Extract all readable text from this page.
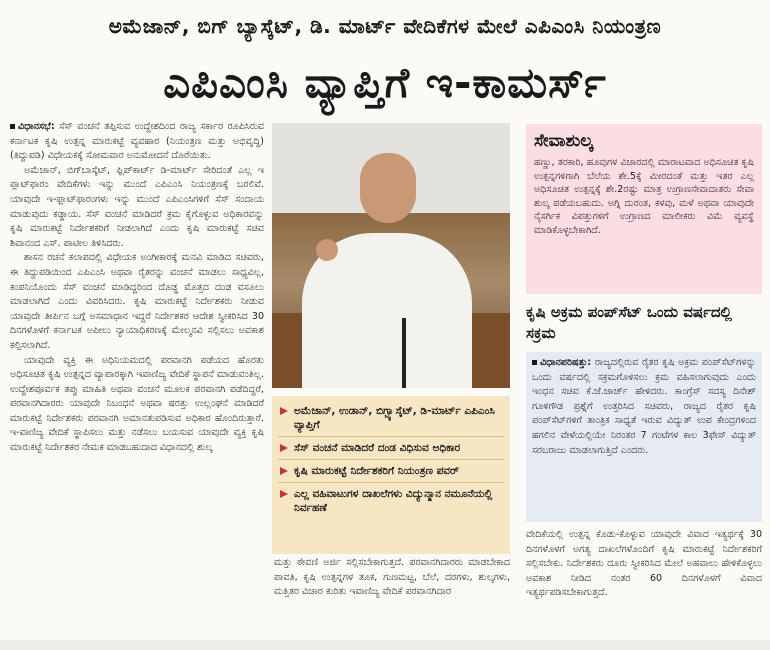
ಅಮೆಜಾನ್, ಬಿಗ್ ಬ್ಯಾಸ್ಕೆಟ್, ಡಿ. ಮಾರ್ಟ್ ವೇದಿಕೆಗಳ ಮೇಲೆ ಎಪಿಎಂಸಿ ನಿಯಂತ್ರಣ
ಎಪಿಎಂಸಿ ವ್ಯಾಪ್ತಿಗೆ ಇ-ಕಾಮರ್ಸ್

ವಿಧಾನಸಭೆ: ಸೆಸ್ ವಂಚನೆ ತಪ್ಪಿಸುವ ಉದ್ದೇಶದಿಂದ ರಾಜ್ಯ ಸರ್ಕಾರ ರೂಪಿಸಿರುವ ಕರ್ನಾಟಕ ಕೃಷಿ ಉತ್ಪನ್ನ ಮಾರುಕಟ್ಟೆ ವ್ಯವಹಾರ (ನಿಯಂತ್ರಣ ಮತ್ತು ಅಭಿವೃದ್ಧಿ) (ತಿದ್ದುಪಡಿ) ವಿಧೇಯಕಕ್ಕೆ ಸೋಮವಾರ ಅನುಮೋದನೆ ದೊರೆಯಿತು.

ಅಮೆಜಾನ್, ಬಿಗ್‌ಬಾಸ್ಕೆಟ್, ಫ್ಲಿಪ್‌ಕಾರ್ಟ್ ಡಿ-ಮಾರ್ಟ್ ಸೇರಿದಂತೆ ಎಲ್ಲ ಇ ಪ್ಲಾಟ್‌ಫಾರಂ ವೇದಿಕೆಗಳು ಇನ್ನು ಮುಂದೆ ಎಪಿಎಂಸಿ ನಿಯಂತ್ರಣಕ್ಕೆ ಬರಲಿವೆ. ಯಾವುದೇ ಇ-ಫ್ಲಾಟ್‌ಫಾರಂಗಳು ಇನ್ನು ಮುಂದೆ ಎಪಿಎಂಸಿಗಳಿಗೆ ಸೆಸ್ ಸಂದಾಯ ಮಾಡುವುದು ಕಡ್ಡಾಯ. ಸೆಸ್ ವಂಚನೆ ಮಾಡಿದರೆ ಕ್ರಮ ಕೈಗೊಳ್ಳುವ ಅಧಿಕಾರವನ್ನು ಕೃಷಿ ಮಾರುಕಟ್ಟೆ ನಿರ್ದೇಶಕರಿಗೆ ನೀಡಲಾಗಿದೆ ಎಂದು ಕೃಷಿ ಮಾರುಕಟ್ಟೆ ಸಚಿವ ಶಿವಾನಂದ ಎಸ್. ಪಾಟೀಲ ತಿಳಿಸಿದರು.

ಶಾಸನ ರಚನೆ ಕಲಾಪದಲ್ಲಿ ವಿಧೇಯಕ ಅಂಗೀಕಾರಕ್ಕೆ ಮನವಿ ಮಾಡಿದ ಸಚಿವರು, ಈ ತಿದ್ದುಪಡಿಯಿಂದ ಎಪಿಎಂಸಿ ಅಥವಾ ರೈತರನ್ನು ವಂಚನೆ ಮಾಡಲು ಸಾಧ್ಯವಿಲ್ಲ, ಕಂಪನಿಯೊಂದು ಸೆಸ್ ವಂಚನೆ ಮಾಡಿದ್ದರಿಂದ ದೊಡ್ಡ ಮೊತ್ತದ ದಂಡ ವಸೂಲು ಮಾಡಲಾಗಿದೆ ಎಂದು ವಿವರಿಸಿದರು. ಕೃಷಿ ಮಾರುಕಟ್ಟೆ ನಿರ್ದೇಶಕರು ನೀಡುವ ಯಾವುದೇ ತೀರ್ಪಿನ ಬಗ್ಗೆ ಅಸಮಾಧಾನ ಇದ್ದರೆ ನಿರ್ದೇಶಕರ ಆದೇಶ ಸ್ವೀಕರಿಸಿದ 30 ದಿನಗಳೊಳಗೆ ಕರ್ನಾಟಕ ಅಪೀಲು ನ್ಯಾಯಾಧಿಕರಣಕ್ಕೆ ಮೇಲ್ಮನವಿ ಸಲ್ಲಿಸಲು ಅವಕಾಶ ಕಲ್ಪಿಸಲಾಗಿದೆ.

ಯಾವುದೇ ವ್ಯಕ್ತಿ ಈ ಅಧಿನಿಯಮದಲ್ಲಿ ಪರವಾನಗಿ ಪಡೆಯದ ಹೊರತು ಅಧಿಸೂಚಿತ ಕೃಷಿ ಉತ್ಪನ್ನದ ವ್ಯಾಪಾರಕ್ಕಾಗಿ ಇವಾಣಿಜ್ಯ ವೇದಿಕೆ ಸ್ಥಾಪನೆ ಮಾಡುವಂತಿಲ್ಲ. ಉದ್ದೇಶಪೂರ್ವಕ ತಪ್ಪು ಮಾಹಿತಿ ಅಥವಾ ವಂಚನೆ ಮೂಲಕ ಪರವಾನಗಿ ಪಡೆದಿದ್ದರೆ, ಪರವಾನಗಿದಾರರು ಯಾವುದೇ ನಿಬಂಧನೆ ಅಥವಾ ಷರತ್ತು ಉಲ್ಲಂಘನೆ ಮಾಡಿದರೆ ಮಾರುಕಟ್ಟೆ ನಿರ್ದೇಶಕರು ಪರವಾನಗಿ ಅಮಾನತುಪಡಿಸುವ ಅಧಿಕಾರ ಹೊಂದಿರುತ್ತಾರೆ. ಇ-ವಾಣಿಜ್ಯ ವೇದಿಕೆ ಸ್ಥಾಪಿಸಲು ಮತ್ತು ನಡೆಸಲು ಬಯಸುವ ಯಾವುದೇ ವ್ಯಕ್ತಿ ಕೃಷಿ ಮಾರುಕಟ್ಟೆ ನಿರ್ದೇಶಕರ ನೇಮಕ ಮಾಡಬಹುದಾದ ವಿಧಾನದಲ್ಲಿ ಶುಲ್ಕ

ಅಮೆಜಾನ್, ಉಡಾನ್, ಬಿಗ್ಬ್ಯಾಸ್ಕೆಟ್, ಡಿ-ಮಾರ್ಟ್ ಎಪಿಎಂಸಿ ವ್ಯಾಪ್ತಿಗೆ
ಸೆಸ್ ವಂಚನೆ ಮಾಡಿದರೆ ದಂಡ ವಿಧಿಸುವ ಅಧಿಕಾರ
ಕೃಷಿ ಮಾರುಕಟ್ಟೆ ನಿರ್ದೇಶಕರಿಗೆ ನಿಯಂತ್ರಣ ಪವರ್
ಎಲ್ಲ ವಹಿವಾಟುಗಳ ದಾಖಲೆಗಳು ವಿದ್ಯುನ್ಮಾನ ನಮೂನೆಯಲ್ಲಿ ನಿರ್ವಹಣೆ
ಮತ್ತು ಠೇವಣಿ ಅರ್ಜಿ ಸಲ್ಲಿಸಬೇಕಾಗುತ್ತದೆ. ಪರವಾನಗಿದಾರರು ಮಾಡಬೇಕಾದ ಪಾವತಿ, ಕೃಷಿ ಉತ್ಪನ್ನಗಳ ತೂಕ, ಗುಣಮಟ್ಟ, ಬೆಲೆ, ದರಗಳು, ಶುಲ್ಕಗಳು, ಮತ್ತಿತರ ವಿಚಾರ ಕುರಿತು ಇವಾಣಿಜ್ಯ ವೇದಿಕೆ ಪರವಾನಗಿದಾರ
ಸೇವಾಶುಲ್ಕ
ಹಣ್ಣು, ತರಕಾರಿ, ಹೂವುಗಳ ವಿಚಾರದಲ್ಲಿ ಮಾರಾಟವಾದ ಅಧಿಸೂಚಿತ ಕೃಷಿ ಉತ್ಪನ್ನಗಳಿಗಾಗಿ ಬೆಲೆಯ ಶೇ.5ಕ್ಕೆ ಮೀರದಂತೆ ಮತ್ತು ಇತರ ಎಲ್ಲ ಅಧಿಸೂಚಿತ ಉತ್ಪನ್ನಕ್ಕೆ ಶೇ.2ರಷ್ಟು ಮಾತ್ರ ಉಗ್ರಾಣಸೇವಾದಾತರು ಸೇವಾ ಶುಲ್ಕ ಪಡೆಯಬಹುದು. ಅಗ್ನಿ ದುರಂತ, ಕಳವು, ಮಳೆ ಅಥವಾ ಯಾವುದೇ ನೈಸರ್ಗಿಕ ವಿಪತ್ತುಗಳಿಗೆ ಉಗ್ರಾಣದ ಮಾಲೀಕರು ವಿಮೆ ವ್ಯವಸ್ಥೆ ಮಾಡಿಕೊಳ್ಳಬೇಕಾಗಿದೆ.
ಕೃಷಿ ಅಕ್ರಮ ಪಂಪ್‌ಸೆಟ್ ಒಂದು ವರ್ಷದಲ್ಲಿ ಸಕ್ರಮ

ವಿಧಾನಪರಿಷತ್ತು: ರಾಜ್ಯದಲ್ಲಿರುವ ರೈತರ ಕೃಷಿ ಅಕ್ರಮ ಪಂಪ್‌ಸೆಟ್‌ಗಳನ್ನು ಒಂದು ವರ್ಷದಲ್ಲಿ ಸಕ್ರಮಗೊಳಿಸಲು ಕ್ರಮ ವಹಿಸಲಾಗುವುದು ಎಂದು ಇಂಧನ ಸಚಿವ ಕೆ.ಜೆ.ಜಾರ್ಜ್ ಹೇಳಿದರು. ಕಾಂಗ್ರೆಸ್ ಸದಸ್ಯ ದಿನೇಶ್ ಗೂಳಿಗೌಡ ಪ್ರಶ್ನೆಗೆ ಉತ್ತರಿಸಿದ ಸಚಿವರು, ರಾಜ್ಯದ ರೈತರ ಕೃಷಿ ಪಂಪ್‌ಸೆಟ್‌ಗಳಿಗೆ ತಾಂತ್ರಿಕ ಸಾಧ್ಯತೆ ಇರುವ ವಿದ್ಯುತ್ ಉಪ ಕೇಂದ್ರಗಳಿಂದ ಹಗಲಿನ ವೇಳೆಯಲ್ಲಿಯೇ ನಿರಂತರ 7 ಗಂಟೆಗಳ ಕಾಲ 3ಫೇಸ್ ವಿದ್ಯುತ್ ಸರಬರಾಜು ಮಾಡಲಾಗುತ್ತಿದೆ ಎಂದರು.

ವೇದಿಕೆಯಲ್ಲಿ ಉತ್ಪನ್ನ ಕೊಡು-ಕೊಳ್ಳುವ ಯಾವುದೇ ವಿವಾದ ಇತ್ಯರ್ಥಕ್ಕೆ 30 ದಿನಗಳೊಳಗೆ ಅಗತ್ಯ ದಾಖಲೆಗಳೊಂದಿಗೆ ಕೃಷಿ ಮಾರುಕಟ್ಟೆ ನಿರ್ದೇಶಕರಿಗೆ ಸಲ್ಲಿಸಬೇಕು. ನಿರ್ದೇಶಕರು ದೂರು ಸ್ವೀಕರಿಸಿದ ಮೇಲೆ ಅಹವಾಲು ಹೇಳಿಕೊಳ್ಳಲು ಅವಕಾಶ ನೀಡಿದ ನಂತರ 60 ದಿನಗಳೊಳಗೆ ವಿವಾದ ಇತ್ಯರ್ಥಪಡಿಸಬೇಕಾಗುತ್ತದೆ.
